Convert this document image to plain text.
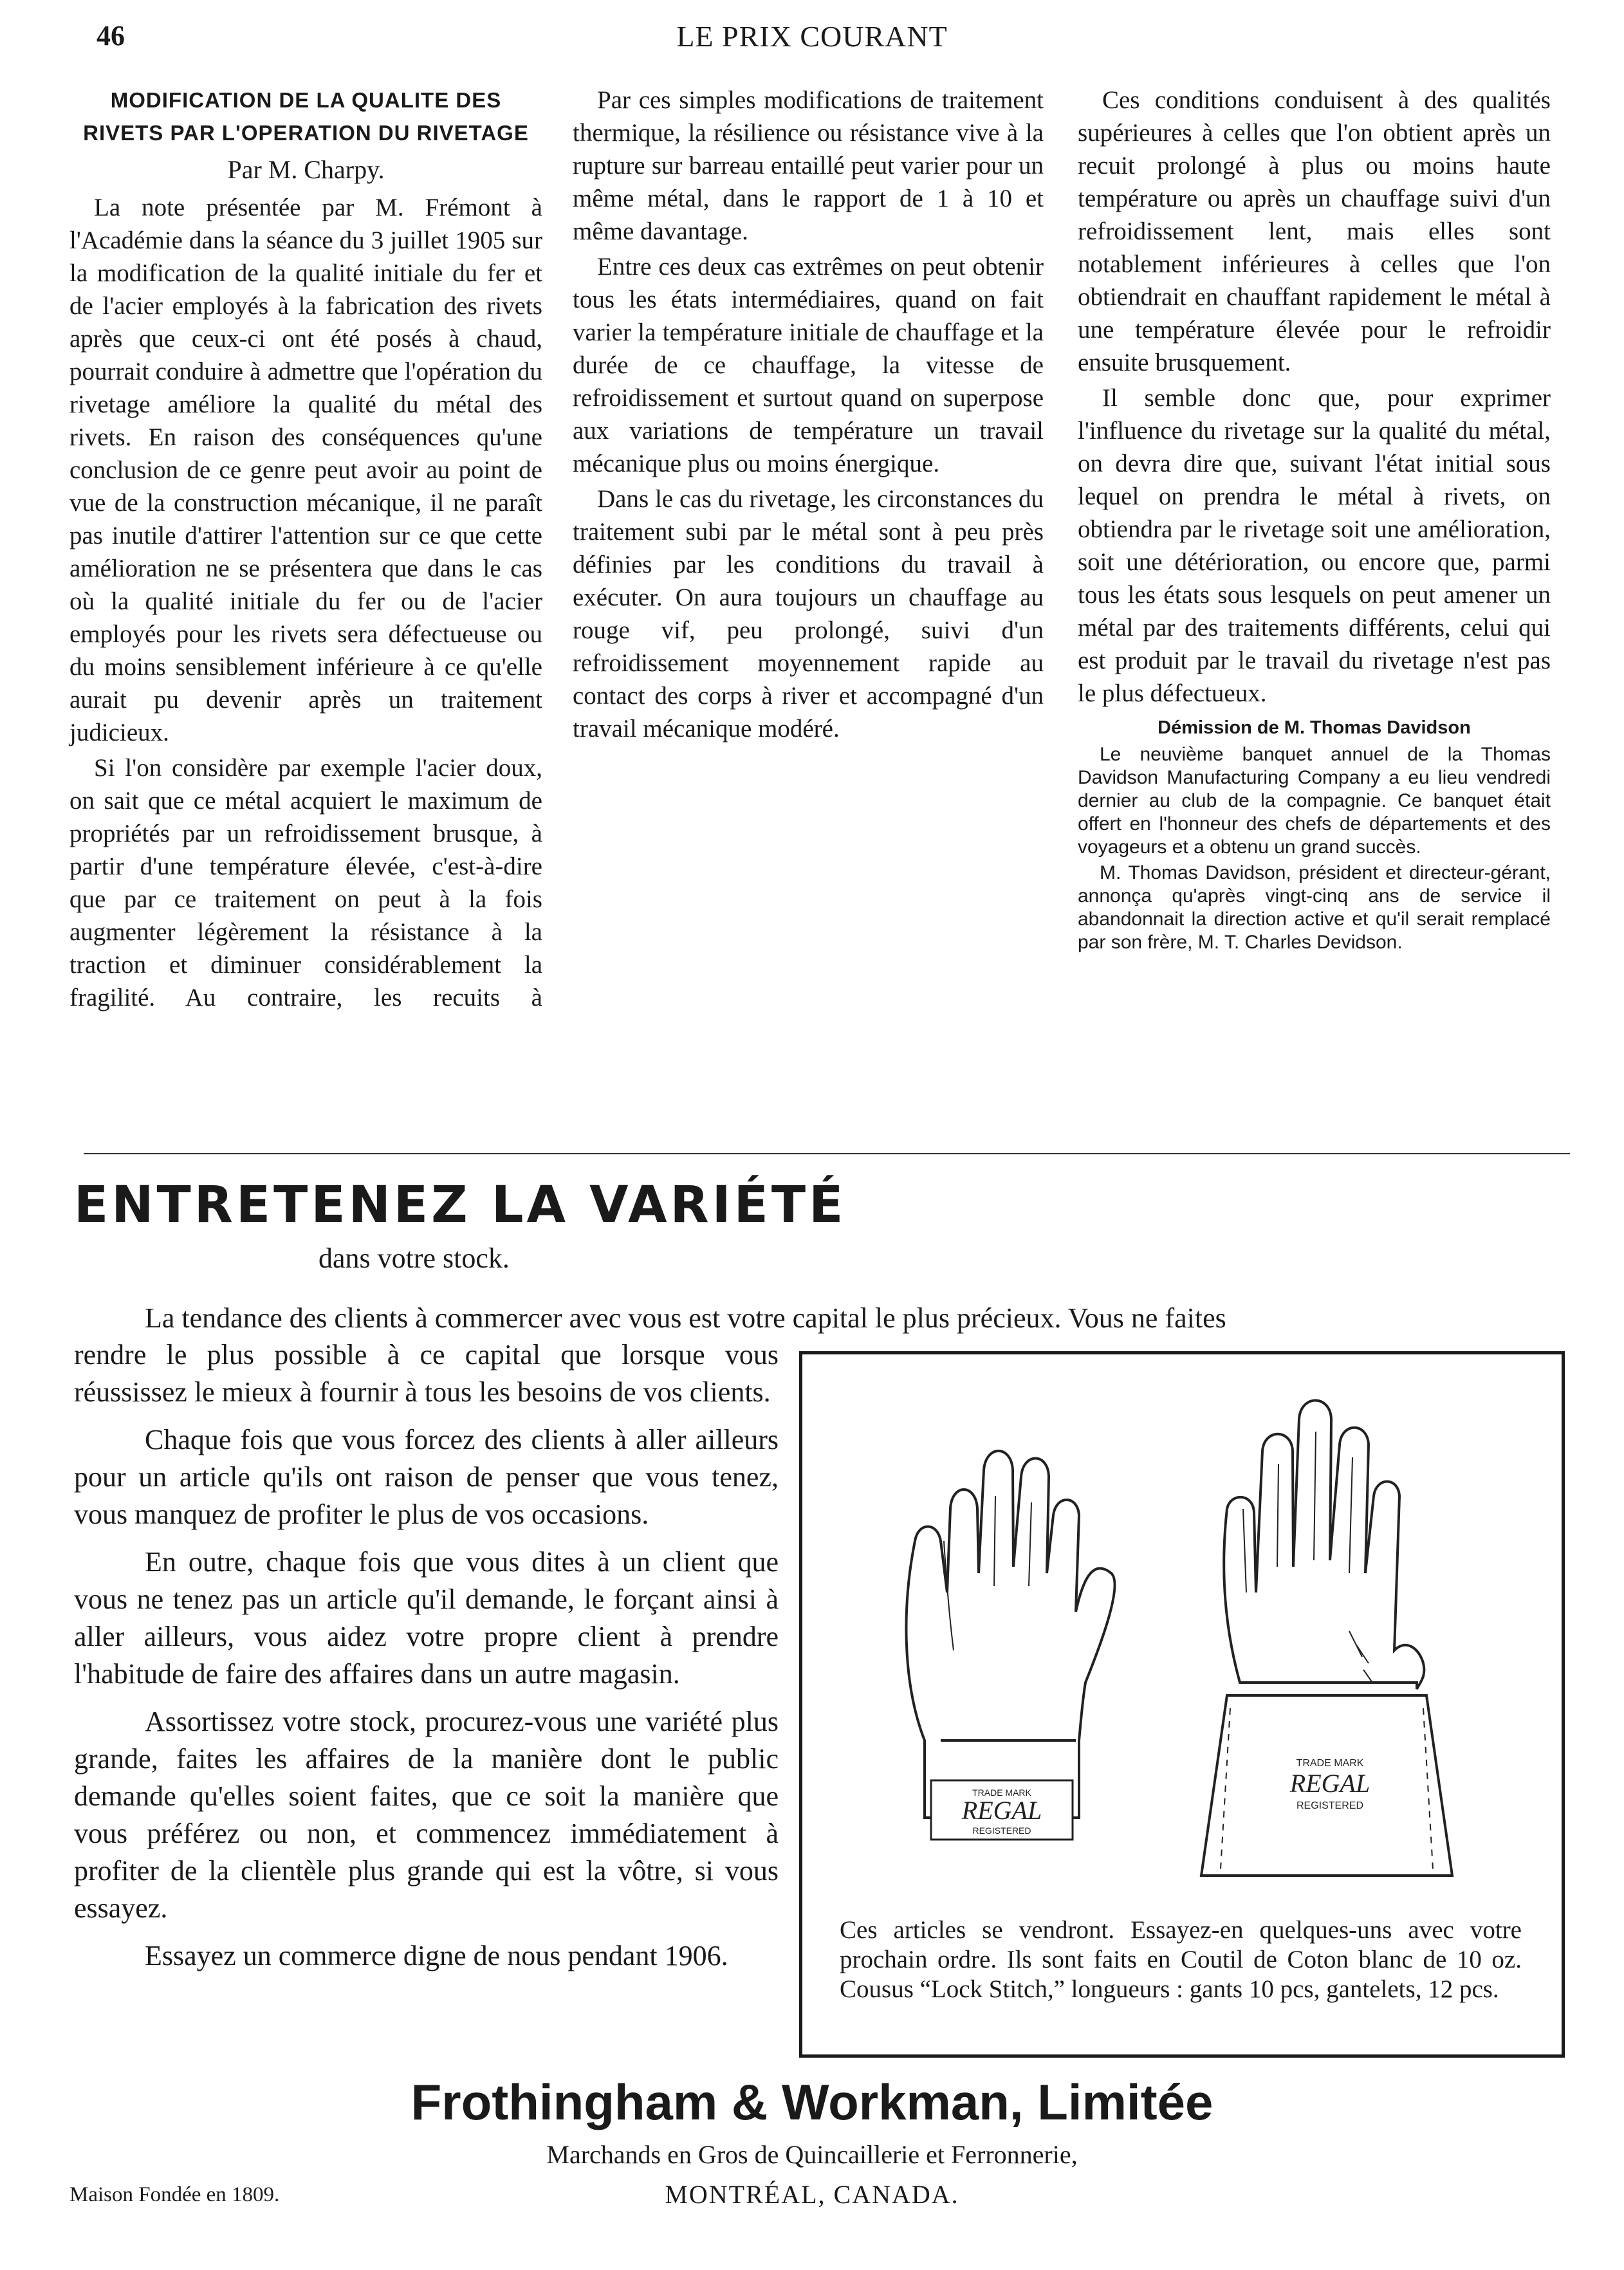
46	LE PRIX COURANT
MODIFICATION DE LA QUALITE DES RIVETS PAR L'OPERATION DU RIVETAGE
Par M. Charpy.

La note présentée par M. Frémont à l'Académie dans la séance du 3 juillet 1905 sur la modification de la qualité initiale du fer et de l'acier employés à la fabrication des rivets après que ceux-ci ont été posés à chaud, pourrait conduire à admettre que l'opération du rivetage améliore la qualité du métal des rivets. En raison des conséquences qu'une conclusion de ce genre peut avoir au point de vue de la construction mécanique, il ne paraît pas inutile d'attirer l'attention sur ce que cette amélioration ne se présentera que dans le cas où la qualité initiale du fer ou de l'acier employés pour les rivets sera défectueuse ou du moins sensiblement inférieure à ce qu'elle aurait pu devenir après un traitement judicieux.

Si l'on considère par exemple l'acier doux, on sait que ce métal acquiert le maximum de propriétés par un refroidissement brusque, à partir d'une température élevée, c'est-à-dire que par ce traitement on peut à la fois augmenter légèrement la résistance à la traction et diminuer considérablement la fragilité. Au contraire, les recuits à

Par ces simples modifications de traitement thermique, la résilience ou résistance vive à la rupture sur barreau entaillé peut varier pour un même métal, dans le rapport de 1 à 10 et même davantage.

Entre ces deux cas extrêmes on peut obtenir tous les états intermédiaires, quand on fait varier la température initiale de chauffage et la durée de ce chauffage, la vitesse de refroidissement et surtout quand on superpose aux variations de température un travail mécanique plus ou moins énergique.

Dans le cas du rivetage, les circonstances du traitement subi par le métal sont à peu près définies par les conditions du travail à exécuter. On aura toujours un chauffage au rouge vif, peu prolongé, suivi d'un refroidissement moyennement rapide au contact des corps à river et accompagné d'un travail mécanique modéré.

Ces conditions conduisent à des qualités supérieures à celles que l'on obtient après un recuit prolongé à plus ou moins haute température ou après un chauffage suivi d'un refroidissement lent, mais elles sont notablement inférieures à celles que l'on obtiendrait en chauffant rapidement le métal à une température élevée pour le refroidir ensuite brusquement.

Il semble donc que, pour exprimer l'influence du rivetage sur la qualité du métal, on devra dire que, suivant l'état initial sous lequel on prendra le métal à rivets, on obtiendra par le rivetage soit une amélioration, soit une détérioration, ou encore que, parmi tous les états sous lesquels on peut amener un métal par des traitements différents, celui qui est produit par le travail du rivetage n'est pas le plus défectueux.

Démission de M. Thomas Davidson

Le neuvième banquet annuel de la Thomas Davidson Manufacturing Company a eu lieu vendredi dernier au club de la compagnie. Ce banquet était offert en l'honneur des chefs de départements et des voyageurs et a obtenu un grand succès.

M. Thomas Davidson, président et directeur-gérant, annonça qu'après vingt-cinq ans de service il abandonnait la direction active et qu'il serait remplacé par son frère, M. T. Charles Devidson.

ENTRETENEZ LA VARIÉTÉ
dans votre stock.
La tendance des clients à commercer avec vous est votre capital le plus précieux. Vous ne faites

rendre le plus possible à ce capital que lorsque vous réussissez le mieux à fournir à tous les besoins de vos clients.

Chaque fois que vous forcez des clients à aller ailleurs pour un article qu'ils ont raison de penser que vous tenez, vous manquez de profiter le plus de vos occasions.

En outre, chaque fois que vous dites à un client que vous ne tenez pas un article qu'il demande, le forçant ainsi à aller ailleurs, vous aidez votre propre client à prendre l'habitude de faire des affaires dans un autre magasin.

Assortissez votre stock, procurez-vous une variété plus grande, faites les affaires de la manière dont le public demande qu'elles soient faites, que ce soit la manière que vous préférez ou non, et commencez immédiatement à profiter de la clientèle plus grande qui est la vôtre, si vous essayez.

Essayez un commerce digne de nous pendant 1906.

TRADE MARK
REGAL
REGISTERED
TRADE MARK
REGAL
REGISTERED
Ces articles se vendront. Essayez-en quelques-uns avec votre prochain ordre. Ils sont faits en Coutil de Coton blanc de 10 oz. Cousus “Lock Stitch,” longueurs : gants 10 pcs, gantelets, 12 pcs.
Frothingham & Workman, Limitée
Marchands en Gros de Quincaillerie et Ferronnerie,
MONTRÉAL, CANADA.
Maison Fondée en 1809.
